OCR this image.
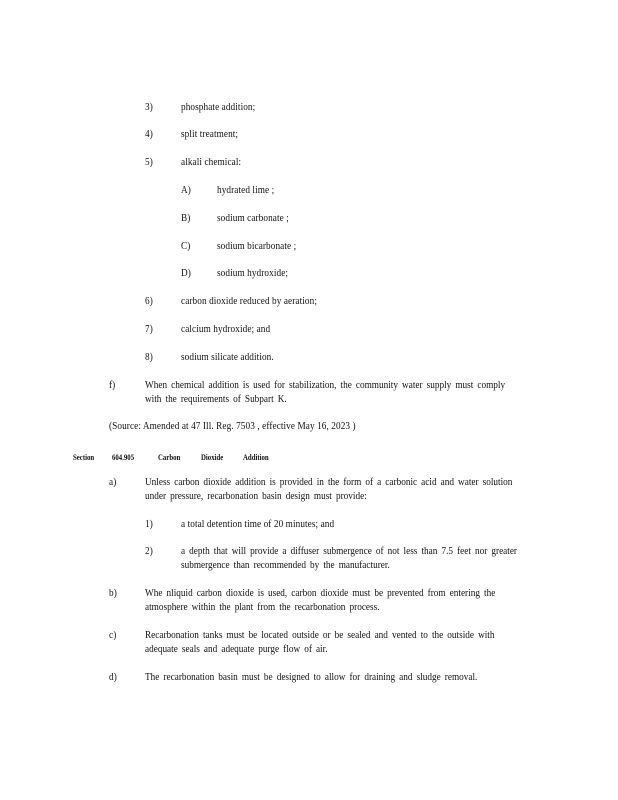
3)	phosphate addition;
4)	split treatment;
5)	alkali chemical:
A) hydrated lime ;
B)	sodium carbonate ;
C)	sodium bicarbonate ;
D) sodium hydroxide;
6)	carbon dioxide reduced by aeration;
7)	calcium hydroxide; and
8)	sodium silicate addition.
f)	When chemical addition is used for stabilization, the community water supply must comply with the requirements of Subpart K.
(Source: Amended at 47 Ill. Reg. 7503 , effective May 16, 2023 )
Section 604.905	Carbon Dioxide Addition
a)	Unless carbon dioxide addition is provided in the form of a carbonic acid and water solution under pressure, recarbonation basin design must provide:
1)	a total detention time of 20 minutes; and
2)	a depth that will provide a diffuser submergence of not less than 7.5 feet nor greater submergence than recommended by the manufacturer.
b)	Whe nliquid carbon dioxide is used, carbon dioxide must be prevented from entering the atmosphere within the plant from the recarbonation process.
c)	Recarbonation tanks must be located outside or be sealed and vented to the outside with adequate seals and adequate purge flow of air.
d)	The recarbonation basin must be designed to allow for draining and sludge removal.
